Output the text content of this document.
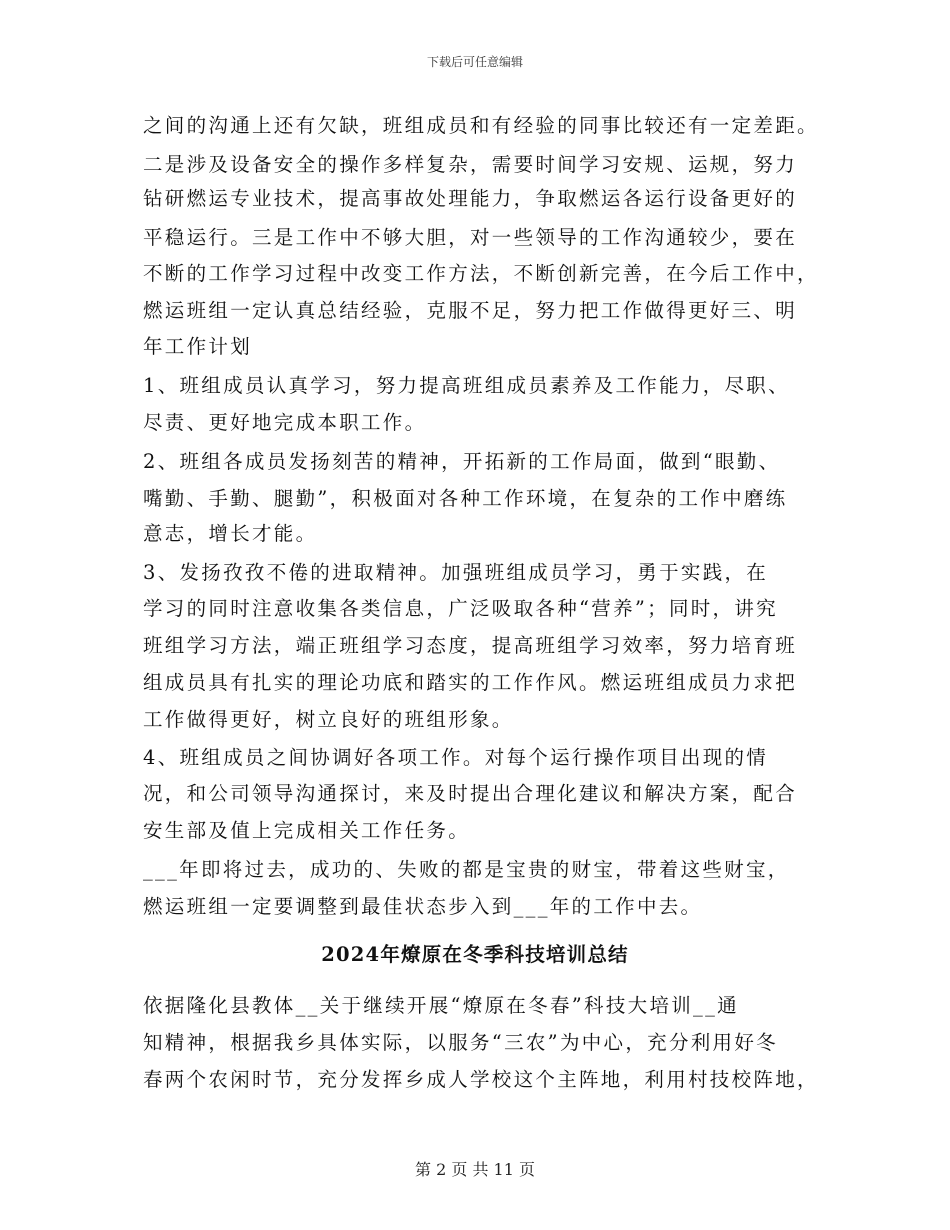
下载后可任意编辑
之间的沟通上还有欠缺，班组成员和有经验的同事比较还有一定差距。
二是涉及设备安全的操作多样复杂，需要时间学习安规、运规，努力
钻研燃运专业技术，提高事故处理能力，争取燃运各运行设备更好的
平稳运行。三是工作中不够大胆，对一些领导的工作沟通较少，要在
不断的工作学习过程中改变工作方法，不断创新完善，在今后工作中，
燃运班组一定认真总结经验，克服不足，努力把工作做得更好三、明
年工作计划
1、班组成员认真学习，努力提高班组成员素养及工作能力，尽职、
尽责、更好地完成本职工作。
2、班组各成员发扬刻苦的精神，开拓新的工作局面，做到“眼勤、
嘴勤、手勤、腿勤”，积极面对各种工作环境，在复杂的工作中磨练
意志，增长才能。
3、发扬孜孜不倦的进取精神。加强班组成员学习，勇于实践，在
学习的同时注意收集各类信息，广泛吸取各种“营养”；同时，讲究
班组学习方法，端正班组学习态度，提高班组学习效率，努力培育班
组成员具有扎实的理论功底和踏实的工作作风。燃运班组成员力求把
工作做得更好，树立良好的班组形象。
4、班组成员之间协调好各项工作。对每个运行操作项目出现的情
况，和公司领导沟通探讨，来及时提出合理化建议和解决方案，配合
安生部及值上完成相关工作任务。
___年即将过去，成功的、失败的都是宝贵的财宝，带着这些财宝，
燃运班组一定要调整到最佳状态步入到___年的工作中去。
2024年燎原在冬季科技培训总结
依据隆化县教体__关于继续开展“燎原在冬春”科技大培训__通
知精神，根据我乡具体实际，以服务“三农”为中心，充分利用好冬
春两个农闲时节，充分发挥乡成人学校这个主阵地，利用村技校阵地，
第 2 页 共 11 页
